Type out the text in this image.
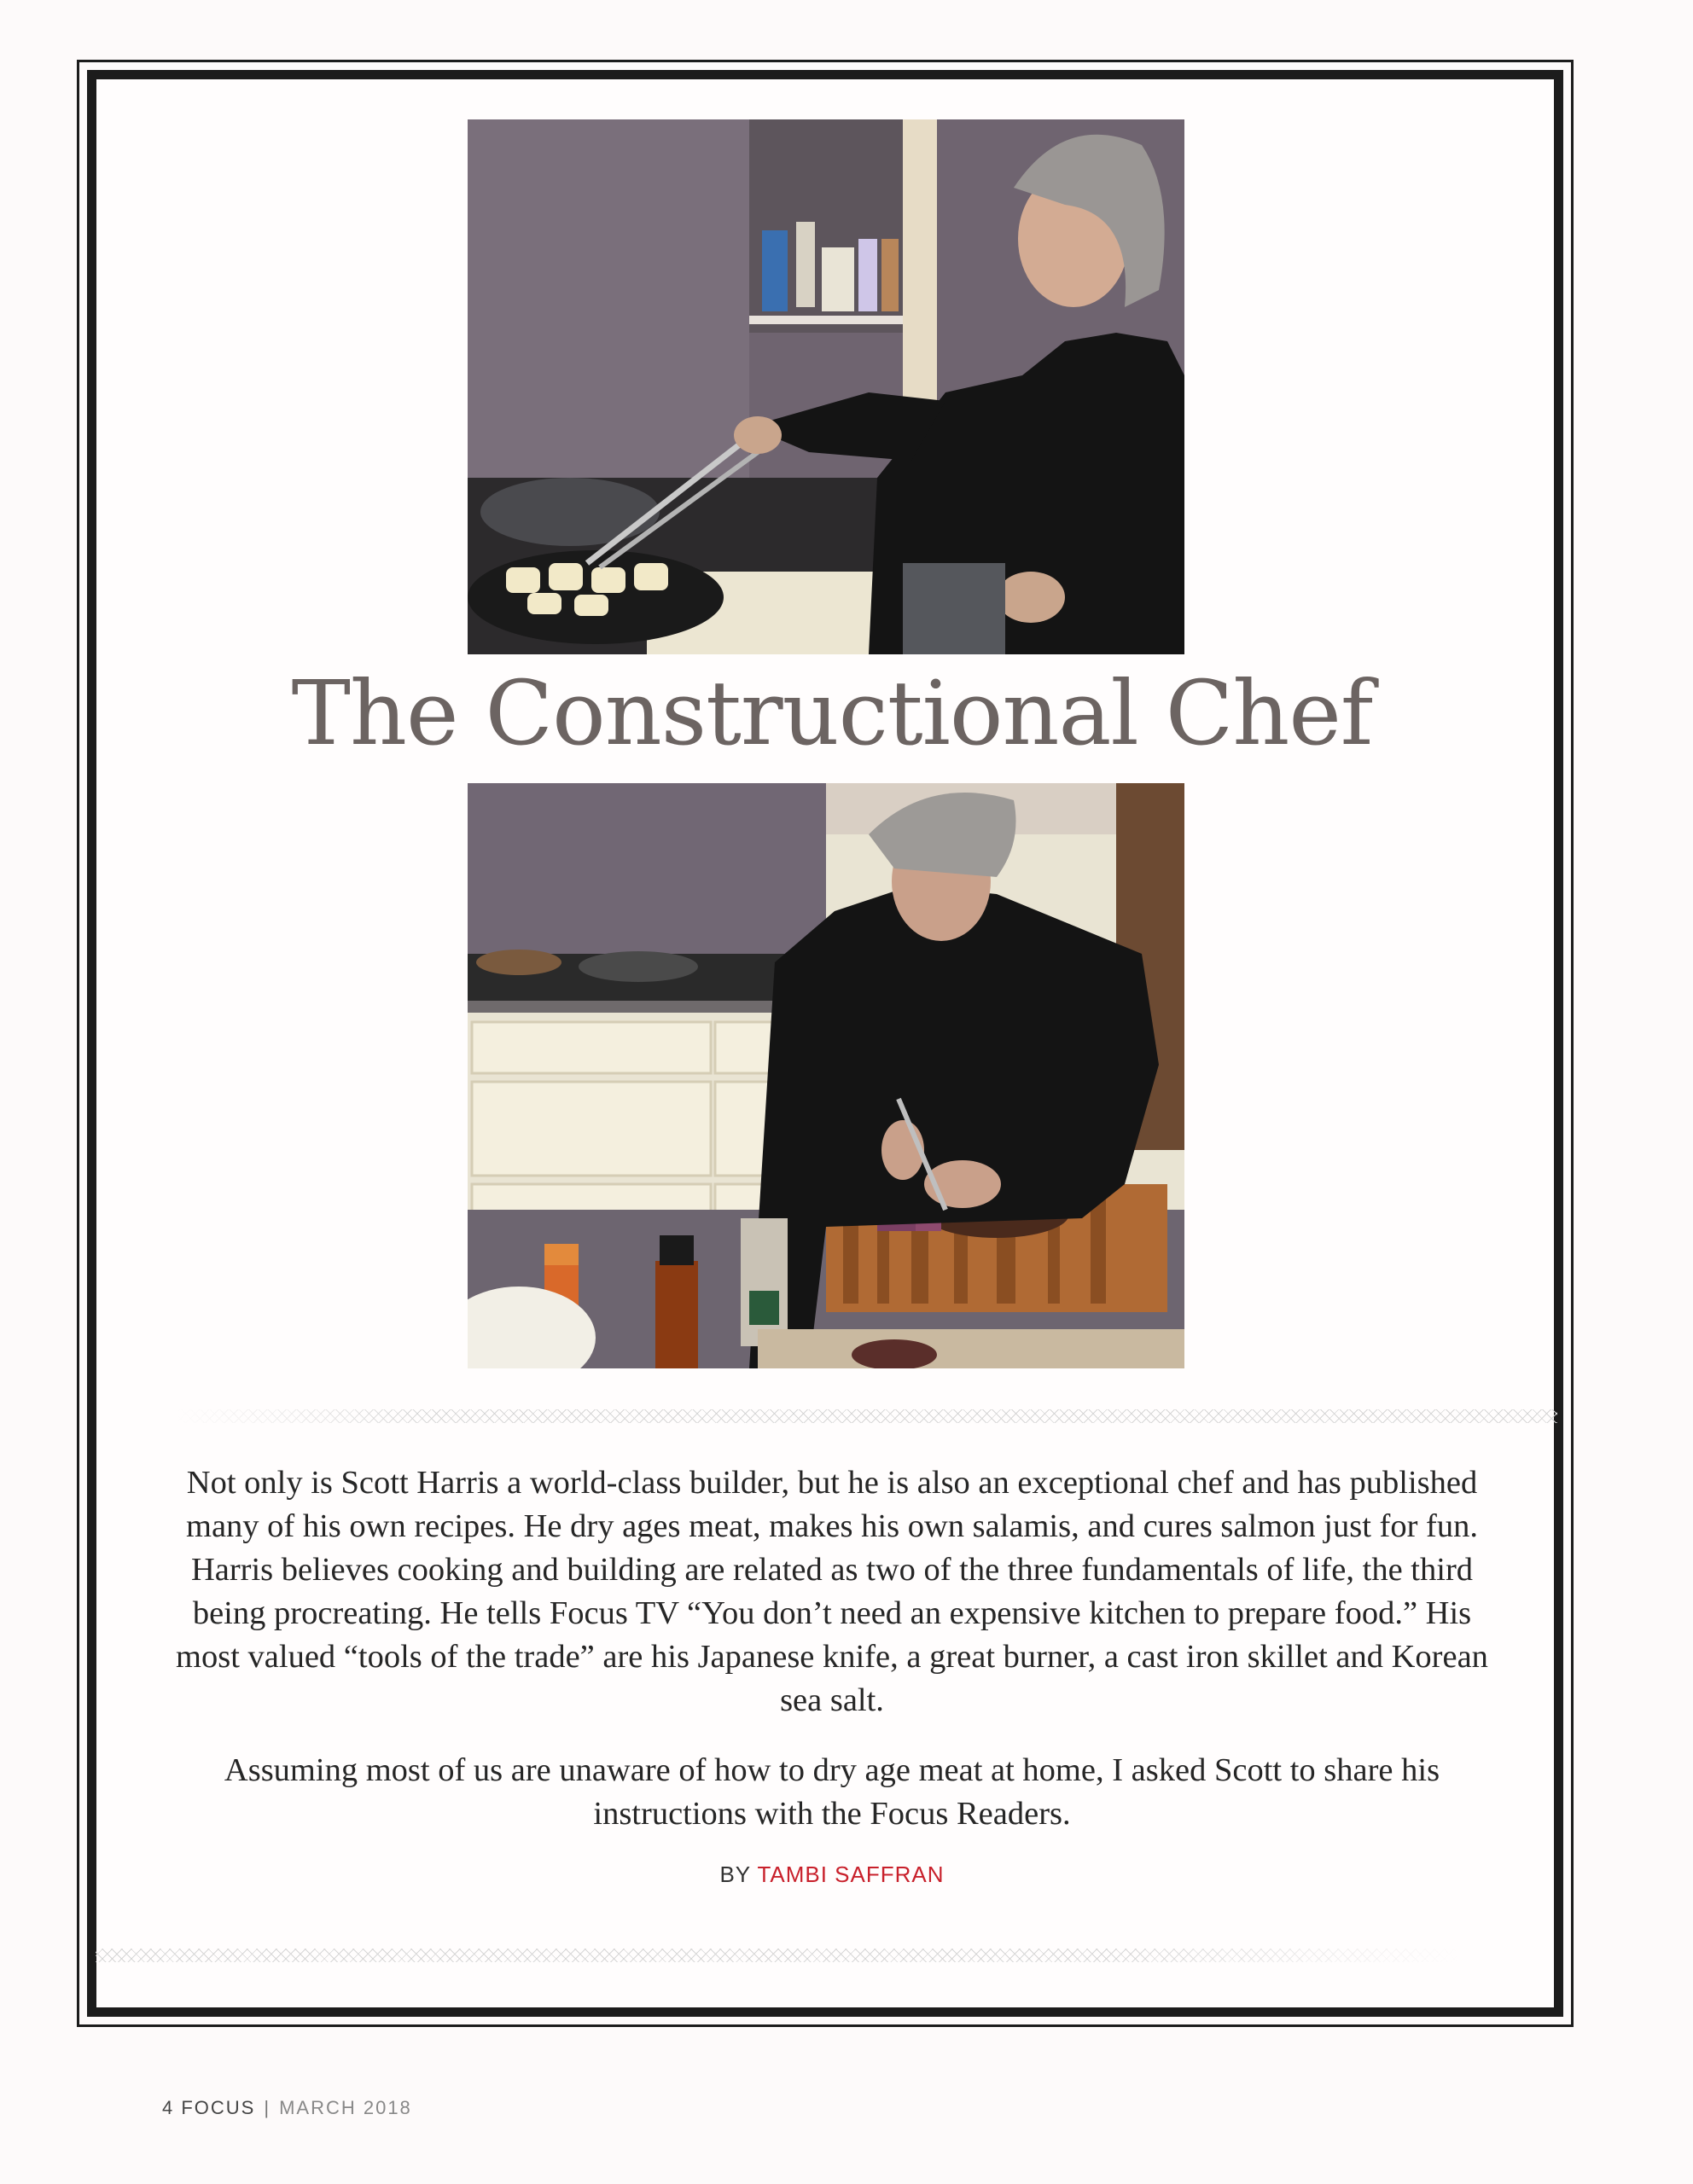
The Constructional Chef

Not only is Scott Harris a world-class builder, but he is also an exceptional chef and has published many of his own recipes. He dry ages meat, makes his own salamis, and cures salmon just for fun. Harris believes cooking and building are related as two of the three fundamentals of life, the third being procreating. He tells Focus TV “You don’t need an expensive kitchen to prepare food.” His most valued “tools of the trade” are his Japanese knife, a great burner, a cast iron skillet and Korean sea salt.

Assuming most of us are unaware of how to dry age meat at home, I asked Scott to share his instructions with the Focus Readers.

BY TAMBI SAFFRAN
4 FOCUS | MARCH 2018
